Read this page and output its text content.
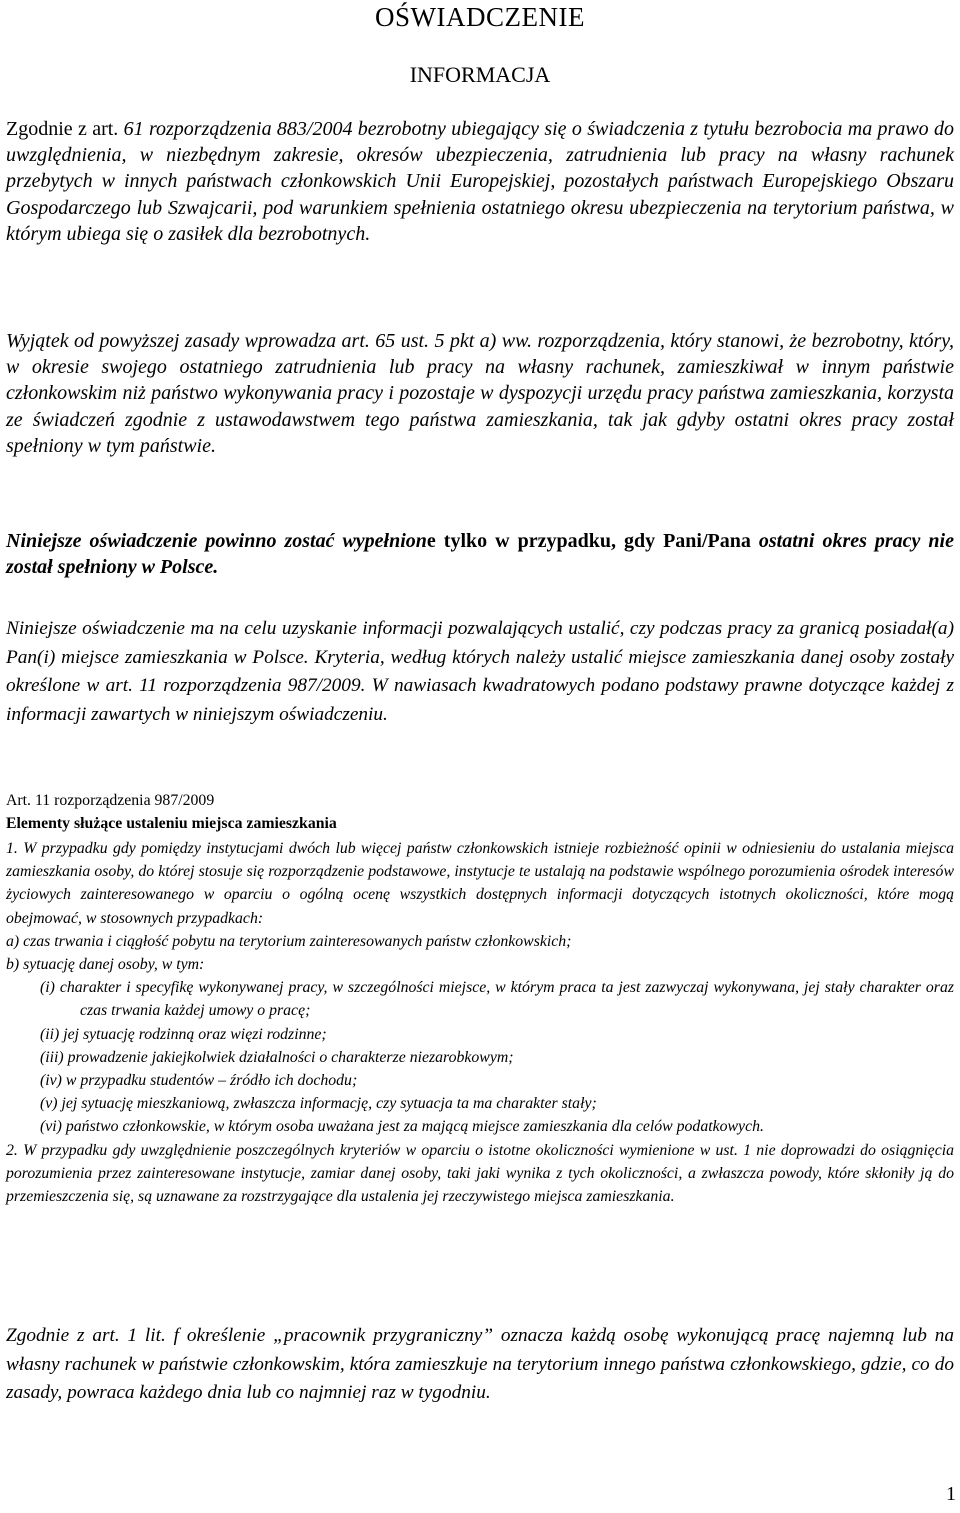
OŚWIADCZENIE
INFORMACJA

Zgodnie z art. 61 rozporządzenia 883/2004 bezrobotny ubiegający się o świadczenia z tytułu bezrobocia ma prawo do uwzględnienia, w niezbędnym zakresie, okresów ubezpieczenia, zatrudnienia lub pracy na własny rachunek przebytych w innych państwach członkowskich Unii Europejskiej, pozostałych państwach Europejskiego Obszaru Gospodarczego lub Szwajcarii, pod warunkiem spełnienia ostatniego okresu ubezpieczenia na terytorium państwa, w którym ubiega się o zasiłek dla bezrobotnych.

Wyjątek od powyższej zasady wprowadza art. 65 ust. 5 pkt a) ww. rozporządzenia, który stanowi, że bezrobotny, który, w okresie swojego ostatniego zatrudnienia lub pracy na własny rachunek, zamieszkiwał w innym państwie członkowskim niż państwo wykonywania pracy i pozostaje w dyspozycji urzędu pracy państwa zamieszkania, korzysta ze świadczeń zgodnie z ustawodawstwem tego państwa zamieszkania, tak jak gdyby ostatni okres pracy został spełniony w tym państwie.

Niniejsze oświadczenie powinno zostać wypełnione tylko w przypadku, gdy Pani/Pana ostatni okres pracy nie został spełniony w Polsce.

Niniejsze oświadczenie ma na celu uzyskanie informacji pozwalających ustalić, czy podczas pracy za granicą posiadał(a) Pan(i) miejsce zamieszkania w Polsce. Kryteria, według których należy ustalić miejsce zamieszkania danej osoby zostały określone w art. 11 rozporządzenia 987/2009. W nawiasach kwadratowych podano podstawy prawne dotyczące każdej z informacji zawartych w niniejszym oświadczeniu.

Art. 11 rozporządzenia 987/2009
Elementy służące ustaleniu miejsca zamieszkania

1. W przypadku gdy pomiędzy instytucjami dwóch lub więcej państw członkowskich istnieje rozbieżność opinii w odniesieniu do ustalania miejsca zamieszkania osoby, do której stosuje się rozporządzenie podstawowe, instytucje te ustalają na podstawie wspólnego porozumienia ośrodek interesów życiowych zainteresowanego w oparciu o ogólną ocenę wszystkich dostępnych informacji dotyczących istotnych okoliczności, które mogą obejmować, w stosownych przypadkach:

a) czas trwania i ciągłość pobytu na terytorium zainteresowanych państw członkowskich;

b) sytuację danej osoby, w tym:

(i) charakter i specyfikę wykonywanej pracy, w szczególności miejsce, w którym praca ta jest zazwyczaj wykonywana, jej stały charakter oraz czas trwania każdej umowy o pracę;

(ii) jej sytuację rodzinną oraz więzi rodzinne;

(iii) prowadzenie jakiejkolwiek działalności o charakterze niezarobkowym;

(iv) w przypadku studentów – źródło ich dochodu;

(v) jej sytuację mieszkaniową, zwłaszcza informację, czy sytuacja ta ma charakter stały;

(vi) państwo członkowskie, w którym osoba uważana jest za mającą miejsce zamieszkania dla celów podatkowych.

2. W przypadku gdy uwzględnienie poszczególnych kryteriów w oparciu o istotne okoliczności wymienione w ust. 1 nie doprowadzi do osiągnięcia porozumienia przez zainteresowane instytucje, zamiar danej osoby, taki jaki wynika z tych okoliczności, a zwłaszcza powody, które skłoniły ją do przemieszczenia się, są uznawane za rozstrzygające dla ustalenia jej rzeczywistego miejsca zamieszkania.

Zgodnie z art. 1 lit. f określenie „pracownik przygraniczny” oznacza każdą osobę wykonującą pracę najemną lub na własny rachunek w państwie członkowskim, która zamieszkuje na terytorium innego państwa członkowskiego, gdzie, co do zasady, powraca każdego dnia lub co najmniej raz w tygodniu.

1
